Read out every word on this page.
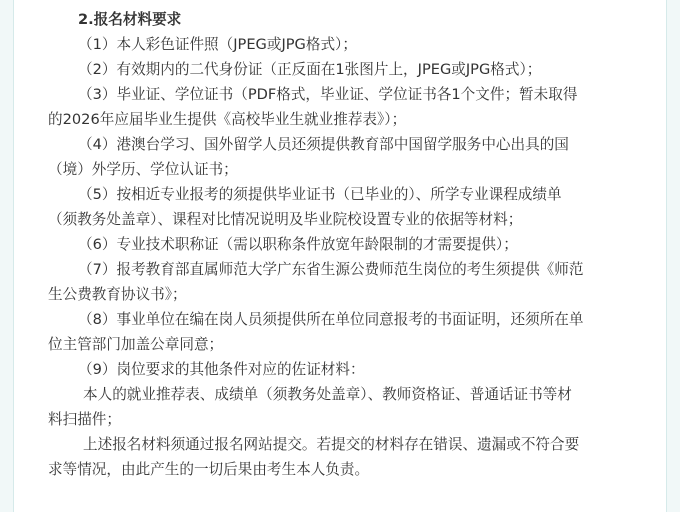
2.报名材料要求
（1）本人彩色证件照（JPEG或JPG格式）；
（2）有效期内的二代身份证（正反面在1张图片上，JPEG或JPG格式）；
（3）毕业证、学位证书（PDF格式，毕业证、学位证书各1个文件；暂未取得
的2026年应届毕业生提供《高校毕业生就业推荐表》）；
（4）港澳台学习、国外留学人员还须提供教育部中国留学服务中心出具的国
（境）外学历、学位认证书；
（5）按相近专业报考的须提供毕业证书（已毕业的）、所学专业课程成绩单
（须教务处盖章）、课程对比情况说明及毕业院校设置专业的依据等材料；
（6）专业技术职称证（需以职称条件放宽年龄限制的才需要提供）；
（7）报考教育部直属师范大学广东省生源公费师范生岗位的考生须提供《师范
生公费教育协议书》；
（8）事业单位在编在岗人员须提供所在单位同意报考的书面证明，还须所在单
位主管部门加盖公章同意；
（9）岗位要求的其他条件对应的佐证材料：
本人的就业推荐表、成绩单（须教务处盖章）、教师资格证、普通话证书等材
料扫描件；
上述报名材料须通过报名网站提交。若提交的材料存在错误、遗漏或不符合要
求等情况，由此产生的一切后果由考生本人负责。
